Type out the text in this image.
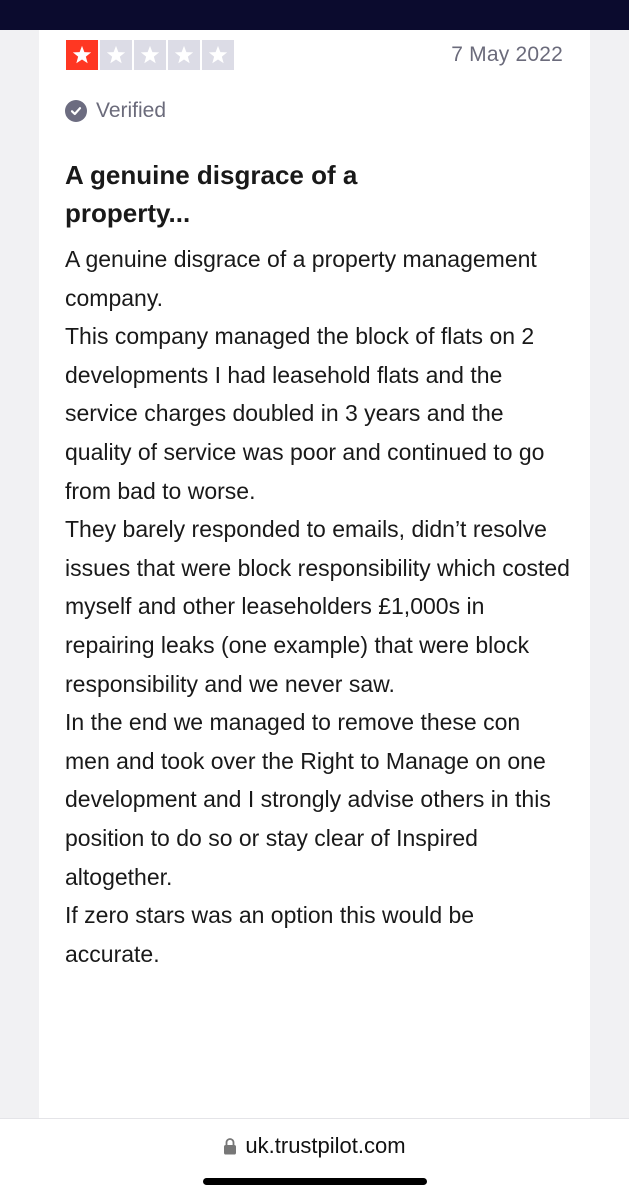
7 May 2022
Verified
A genuine disgrace of a
property...

A genuine disgrace of a property management company.

This company managed the block of flats on 2 developments I had leasehold flats and the service charges doubled in 3 years and the quality of service was poor and continued to go from bad to worse.

They barely responded to emails, didn’t resolve issues that were block responsibility which costed myself and other leaseholders £1,000s in repairing leaks (one example) that were block responsibility and we never saw.

In the end we managed to remove these con men and took over the Right to Manage on one development and I strongly advise others in this position to do so or stay clear of Inspired altogether.

If zero stars was an option this would be accurate.

uk.trustpilot.com
